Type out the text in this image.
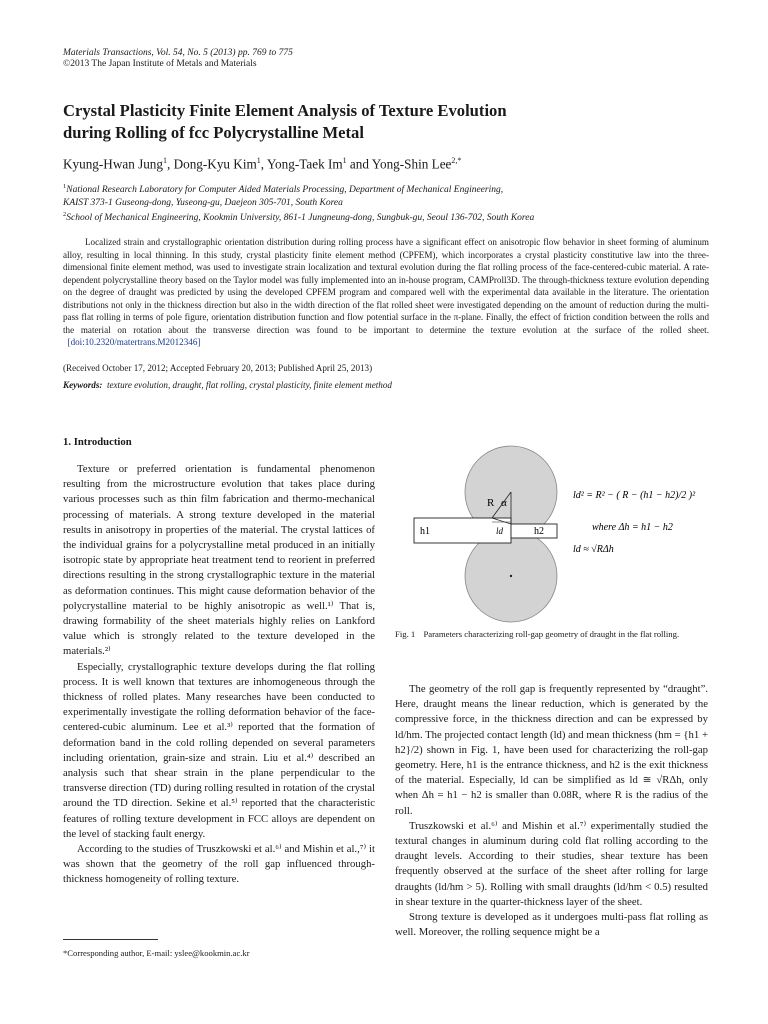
Materials Transactions, Vol. 54, No. 5 (2013) pp. 769 to 775
©2013 The Japan Institute of Metals and Materials
Crystal Plasticity Finite Element Analysis of Texture Evolution
during Rolling of fcc Polycrystalline Metal
Kyung-Hwan Jung$^1$, Dong-Kyu Kim$^1$, Yong-Taek Im$^1$ and Yong-Shin Lee$^{2,*}$
$^1$National Research Laboratory for Computer Aided Materials Processing, Department of Mechanical Engineering,
KAIST 373-1 Guseong-dong, Yuseong-gu, Daejeon 305-701, South Korea
$^2$School of Mechanical Engineering, Kookmin University, 861-1 Jungneung-dong, Sungbuk-gu, Seoul 136-702, South Korea
Localized strain and crystallographic orientation distribution during rolling process have a significant effect on anisotropic flow behavior in sheet forming of aluminum alloy, resulting in local thinning. In this study, crystal plasticity finite element method (CPFEM), which incorporates a crystal plasticity constitutive law into the three-dimensional finite element method, was used to investigate strain localization and textural evolution during the flat rolling process of the face-centered-cubic material. A rate-dependent polycrystalline theory based on the Taylor model was fully implemented into an in-house program, CAMProll3D. The through-thickness texture evolution depending on the degree of draught was predicted by using the developed CPFEM program and compared well with the experimental data available in the literature. The orientation distributions not only in the thickness direction but also in the width direction of the flat rolled sheet were investigated depending on the amount of reduction during the multi-pass flat rolling in terms of pole figure, orientation distribution function and flow potential surface in the π-plane. Finally, the effect of friction condition between the rolls and the material on rotation about the transverse direction was found to be important to determine the texture evolution at the surface of the rolled sheet.   [doi:10.2320/matertrans.M2012346]
(Received October 17, 2012; Accepted February 20, 2013; Published April 25, 2013)
Keywords: texture evolution, draught, flat rolling, crystal plasticity, finite element method
1. Introduction

Texture or preferred orientation is fundamental phenomenon resulting from the microstructure evolution that takes place during various processes such as thin film fabrication and thermo-mechanical processing of materials. A strong texture developed in the material results in anisotropy in properties of the material. The crystal lattices of the individual grains for a polycrystalline metal produced in an initially isotropic state by appropriate heat treatment tend to reorient in preferred directions resulting in the strong crystallographic texture in the material as deformation continues. This might cause deformation behavior of the polycrystalline material to be highly anisotropic as well.¹⁾ That is, drawing formability of the sheet materials highly relies on Lankford value which is strongly related to the texture developed in the materials.²⁾

Especially, crystallographic texture develops during the flat rolling process. It is well known that textures are inhomogeneous through the thickness of rolled plates. Many researches have been conducted to experimentally investigate the rolling deformation behavior of the face-centered-cubic aluminum. Lee et al.³⁾ reported that the formation of deformation band in the cold rolling depended on several parameters including orientation, grain-size and strain. Liu et al.⁴⁾ described an analysis such that shear strain in the plane perpendicular to the transverse direction (TD) during rolling resulted in rotation of the crystal around the TD direction. Sekine et al.⁵⁾ reported that the characteristic features of rolling texture development in FCC alloys are dependent on the level of stacking fault energy.

According to the studies of Truszkowski et al.⁶⁾ and Mishin et al.,⁷⁾ it was shown that the geometry of the roll gap influenced through-thickness homogeneity of rolling texture.

R α
h1	h2
ld
ld² = R² − ( R − (h1 − h2)/2 )²
where Δh = h1 − h2
ld ≈ √RΔh
Fig. 1 Parameters characterizing roll-gap geometry of draught in the flat rolling.

The geometry of the roll gap is frequently represented by “draught”. Here, draught means the linear reduction, which is generated by the compressive force, in the thickness direction and can be expressed by ld/hm. The projected contact length (ld) and mean thickness (hm = {h1 + h2}/2) shown in Fig. 1, have been used for characterizing the roll-gap geometry. Here, h1 is the entrance thickness, and h2 is the exit thickness of the material. Especially, ld can be simplified as ld ≅ √RΔh, only when Δh = h1 − h2 is smaller than 0.08R, where R is the radius of the roll.

Truszkowski et al.⁶⁾ and Mishin et al.⁷⁾ experimentally studied the textural changes in aluminum during cold flat rolling according to the draught levels. According to their studies, shear texture has been frequently observed at the surface of the sheet after rolling for large draughts (ld/hm > 5). Rolling with small draughts (ld/hm < 0.5) resulted in shear texture in the quarter-thickness layer of the sheet.

Strong texture is developed as it undergoes multi-pass flat rolling as well. Moreover, the rolling sequence might be a

*Corresponding author, E-mail: yslee@kookmin.ac.kr
